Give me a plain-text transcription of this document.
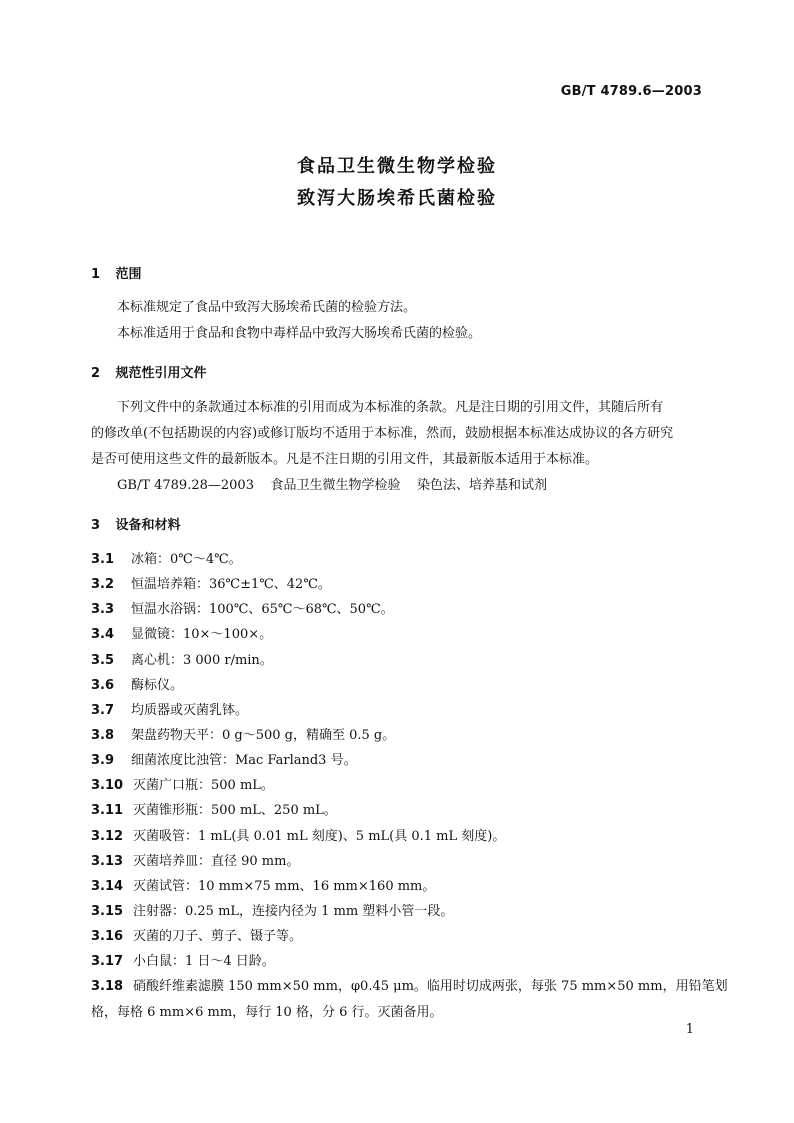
GB/T 4789.6—2003
食品卫生微生物学检验
致泻大肠埃希氏菌检验
1 范围
本标准规定了食品中致泻大肠埃希氏菌的检验方法。
本标准适用于食品和食物中毒样品中致泻大肠埃希氏菌的检验。
2 规范性引用文件
下列文件中的条款通过本标准的引用而成为本标准的条款。凡是注日期的引用文件，其随后所有
的修改单(不包括勘误的内容)或修订版均不适用于本标准，然而，鼓励根据本标准达成协议的各方研究
是否可使用这些文件的最新版本。凡是不注日期的引用文件，其最新版本适用于本标准。
GB/T 4789.28—2003    食品卫生微生物学检验    染色法、培养基和试剂
3 设备和材料
3.1 冰箱：0℃～4℃。
3.2 恒温培养箱：36℃±1℃、42℃。
3.3 恒温水浴锅：100℃、65℃～68℃、50℃。
3.4 显微镜：10×～100×。
3.5 离心机：3 000 r/min。
3.6 酶标仪。
3.7 均质器或灭菌乳钵。
3.8 架盘药物天平：0 g～500 g，精确至 0.5 g。
3.9 细菌浓度比浊管：Mac Farland3 号。
3.10 灭菌广口瓶：500 mL。
3.11 灭菌锥形瓶：500 mL、250 mL。
3.12 灭菌吸管：1 mL(具 0.01 mL 刻度)、5 mL(具 0.1 mL 刻度)。
3.13 灭菌培养皿：直径 90 mm。
3.14 灭菌试管：10 mm×75 mm、16 mm×160 mm。
3.15 注射器：0.25 mL，连接内径为 1 mm 塑料小管一段。
3.16 灭菌的刀子、剪子、镊子等。
3.17 小白鼠：1 日～4 日龄。
3.18 硝酸纤维素滤膜 150 mm×50 mm，φ0.45 μm。临用时切成两张，每张 75 mm×50 mm，用铅笔划
格，每格 6 mm×6 mm，每行 10 格，分 6 行。灭菌备用。
1
